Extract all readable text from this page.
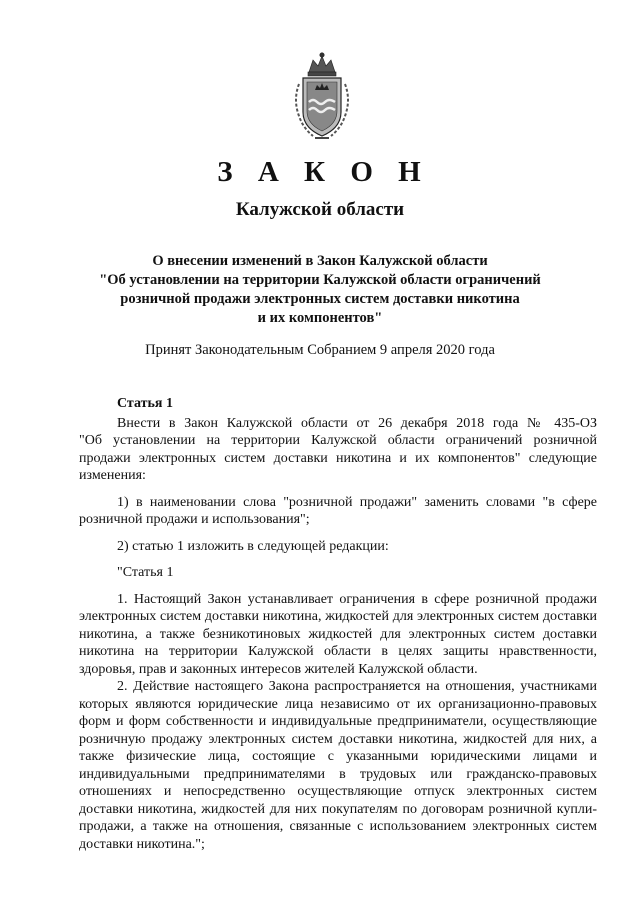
З А К О Н
Калужской области
О внесении изменений в Закон Калужской области
"Об установлении на территории Калужской области ограничений
розничной продажи электронных систем доставки никотина
и их компонентов"
Принят Законодательным Собранием 9 апреля 2020 года
Статья 1
Внести в Закон Калужской области от 26 декабря 2018 года № 435-ОЗ
"Об установлении на территории Калужской области ограничений розничной
продажи электронных систем доставки никотина и их компонентов" следующие
изменения:
1) в наименовании слова "розничной продажи" заменить словами "в сфере
розничной продажи и использования";
2) статью 1 изложить в следующей редакции:
"Статья 1
1. Настоящий Закон устанавливает ограничения в сфере розничной продажи
электронных систем доставки никотина, жидкостей для электронных систем доставки
никотина, а также безникотиновых жидкостей для электронных систем доставки
никотина на территории Калужской области в целях защиты нравственности,
здоровья, прав и законных интересов жителей Калужской области.
2. Действие настоящего Закона распространяется на отношения, участниками
которых являются юридические лица независимо от их организационно-правовых
форм и форм собственности и индивидуальные предприниматели, осуществляющие
розничную продажу электронных систем доставки никотина, жидкостей для них, а
также физические лица, состоящие с указанными юридическими лицами и
индивидуальными предпринимателями в трудовых или гражданско-правовых
отношениях и непосредственно осуществляющие отпуск электронных систем
доставки никотина, жидкостей для них покупателям по договорам розничной купли-
продажи, а также на отношения, связанные с использованием электронных систем
доставки никотина.";
